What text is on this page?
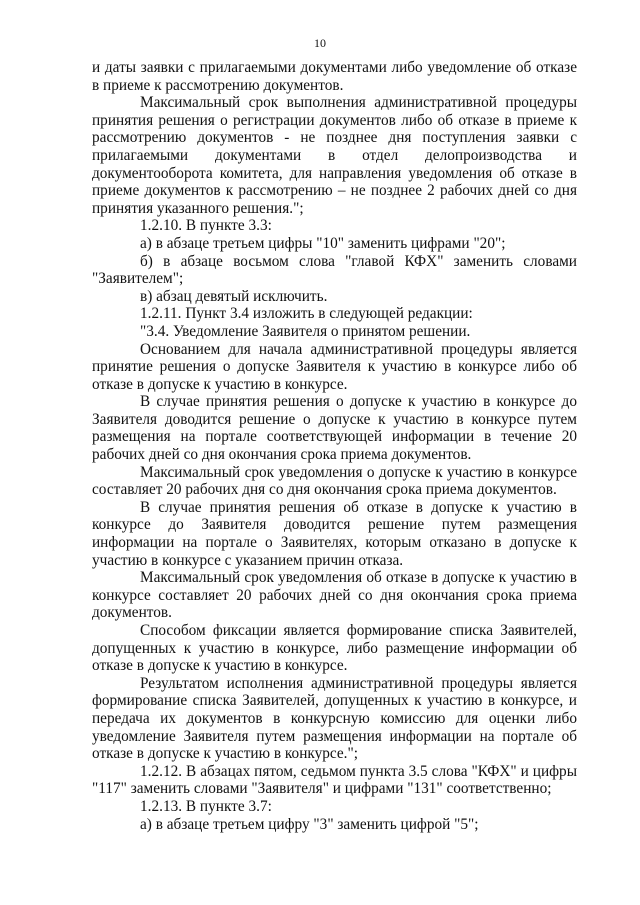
10

и даты заявки с прилагаемыми документами либо уведомление об отказе в приеме к рассмотрению документов.

Максимальный срок выполнения административной процедуры принятия решения о регистрации документов либо об отказе в приеме к рассмотрению документов - не позднее дня поступления заявки с прилагаемыми документами в отдел делопроизводства и документооборота комитета, для направления уведомления об отказе в приеме документов к рассмотрению – не позднее 2 рабочих дней со дня принятия указанного решения.";

1.2.10. В пункте 3.3:

а) в абзаце третьем цифры "10" заменить цифрами "20";

б) в абзаце восьмом слова "главой КФХ" заменить словами "Заявителем";

в) абзац девятый исключить.

1.2.11. Пункт 3.4 изложить в следующей редакции:

"3.4. Уведомление Заявителя о принятом решении.

Основанием для начала административной процедуры является принятие решения о допуске Заявителя к участию в конкурсе либо об отказе в допуске к участию в конкурсе.

В случае принятия решения о допуске к участию в конкурсе до Заявителя доводится решение о допуске к участию в конкурсе путем размещения на портале соответствующей информации в течение 20 рабочих дней со дня окончания срока приема документов.

Максимальный срок уведомления о допуске к участию в конкурсе составляет 20 рабочих дня со дня окончания срока приема документов.

В случае принятия решения об отказе в допуске к участию в конкурсе до Заявителя доводится решение путем размещения информации на портале о Заявителях, которым отказано в допуске к участию в конкурсе с указанием причин отказа.

Максимальный срок уведомления об отказе в допуске к участию в конкурсе составляет 20 рабочих дней со дня окончания срока приема документов.

Способом фиксации является формирование списка Заявителей, допущенных к участию в конкурсе, либо размещение информации об отказе в допуске к участию в конкурсе.

Результатом исполнения административной процедуры является формирование списка Заявителей, допущенных к участию в конкурсе, и передача их документов в конкурсную комиссию для оценки либо уведомление Заявителя путем размещения информации на портале об отказе в допуске к участию в конкурсе.";

1.2.12. В абзацах пятом, седьмом пункта 3.5 слова "КФХ" и цифры "117" заменить словами "Заявителя" и цифрами "131" соответственно;

1.2.13. В пункте 3.7:

а) в абзаце третьем цифру "3" заменить цифрой "5";
